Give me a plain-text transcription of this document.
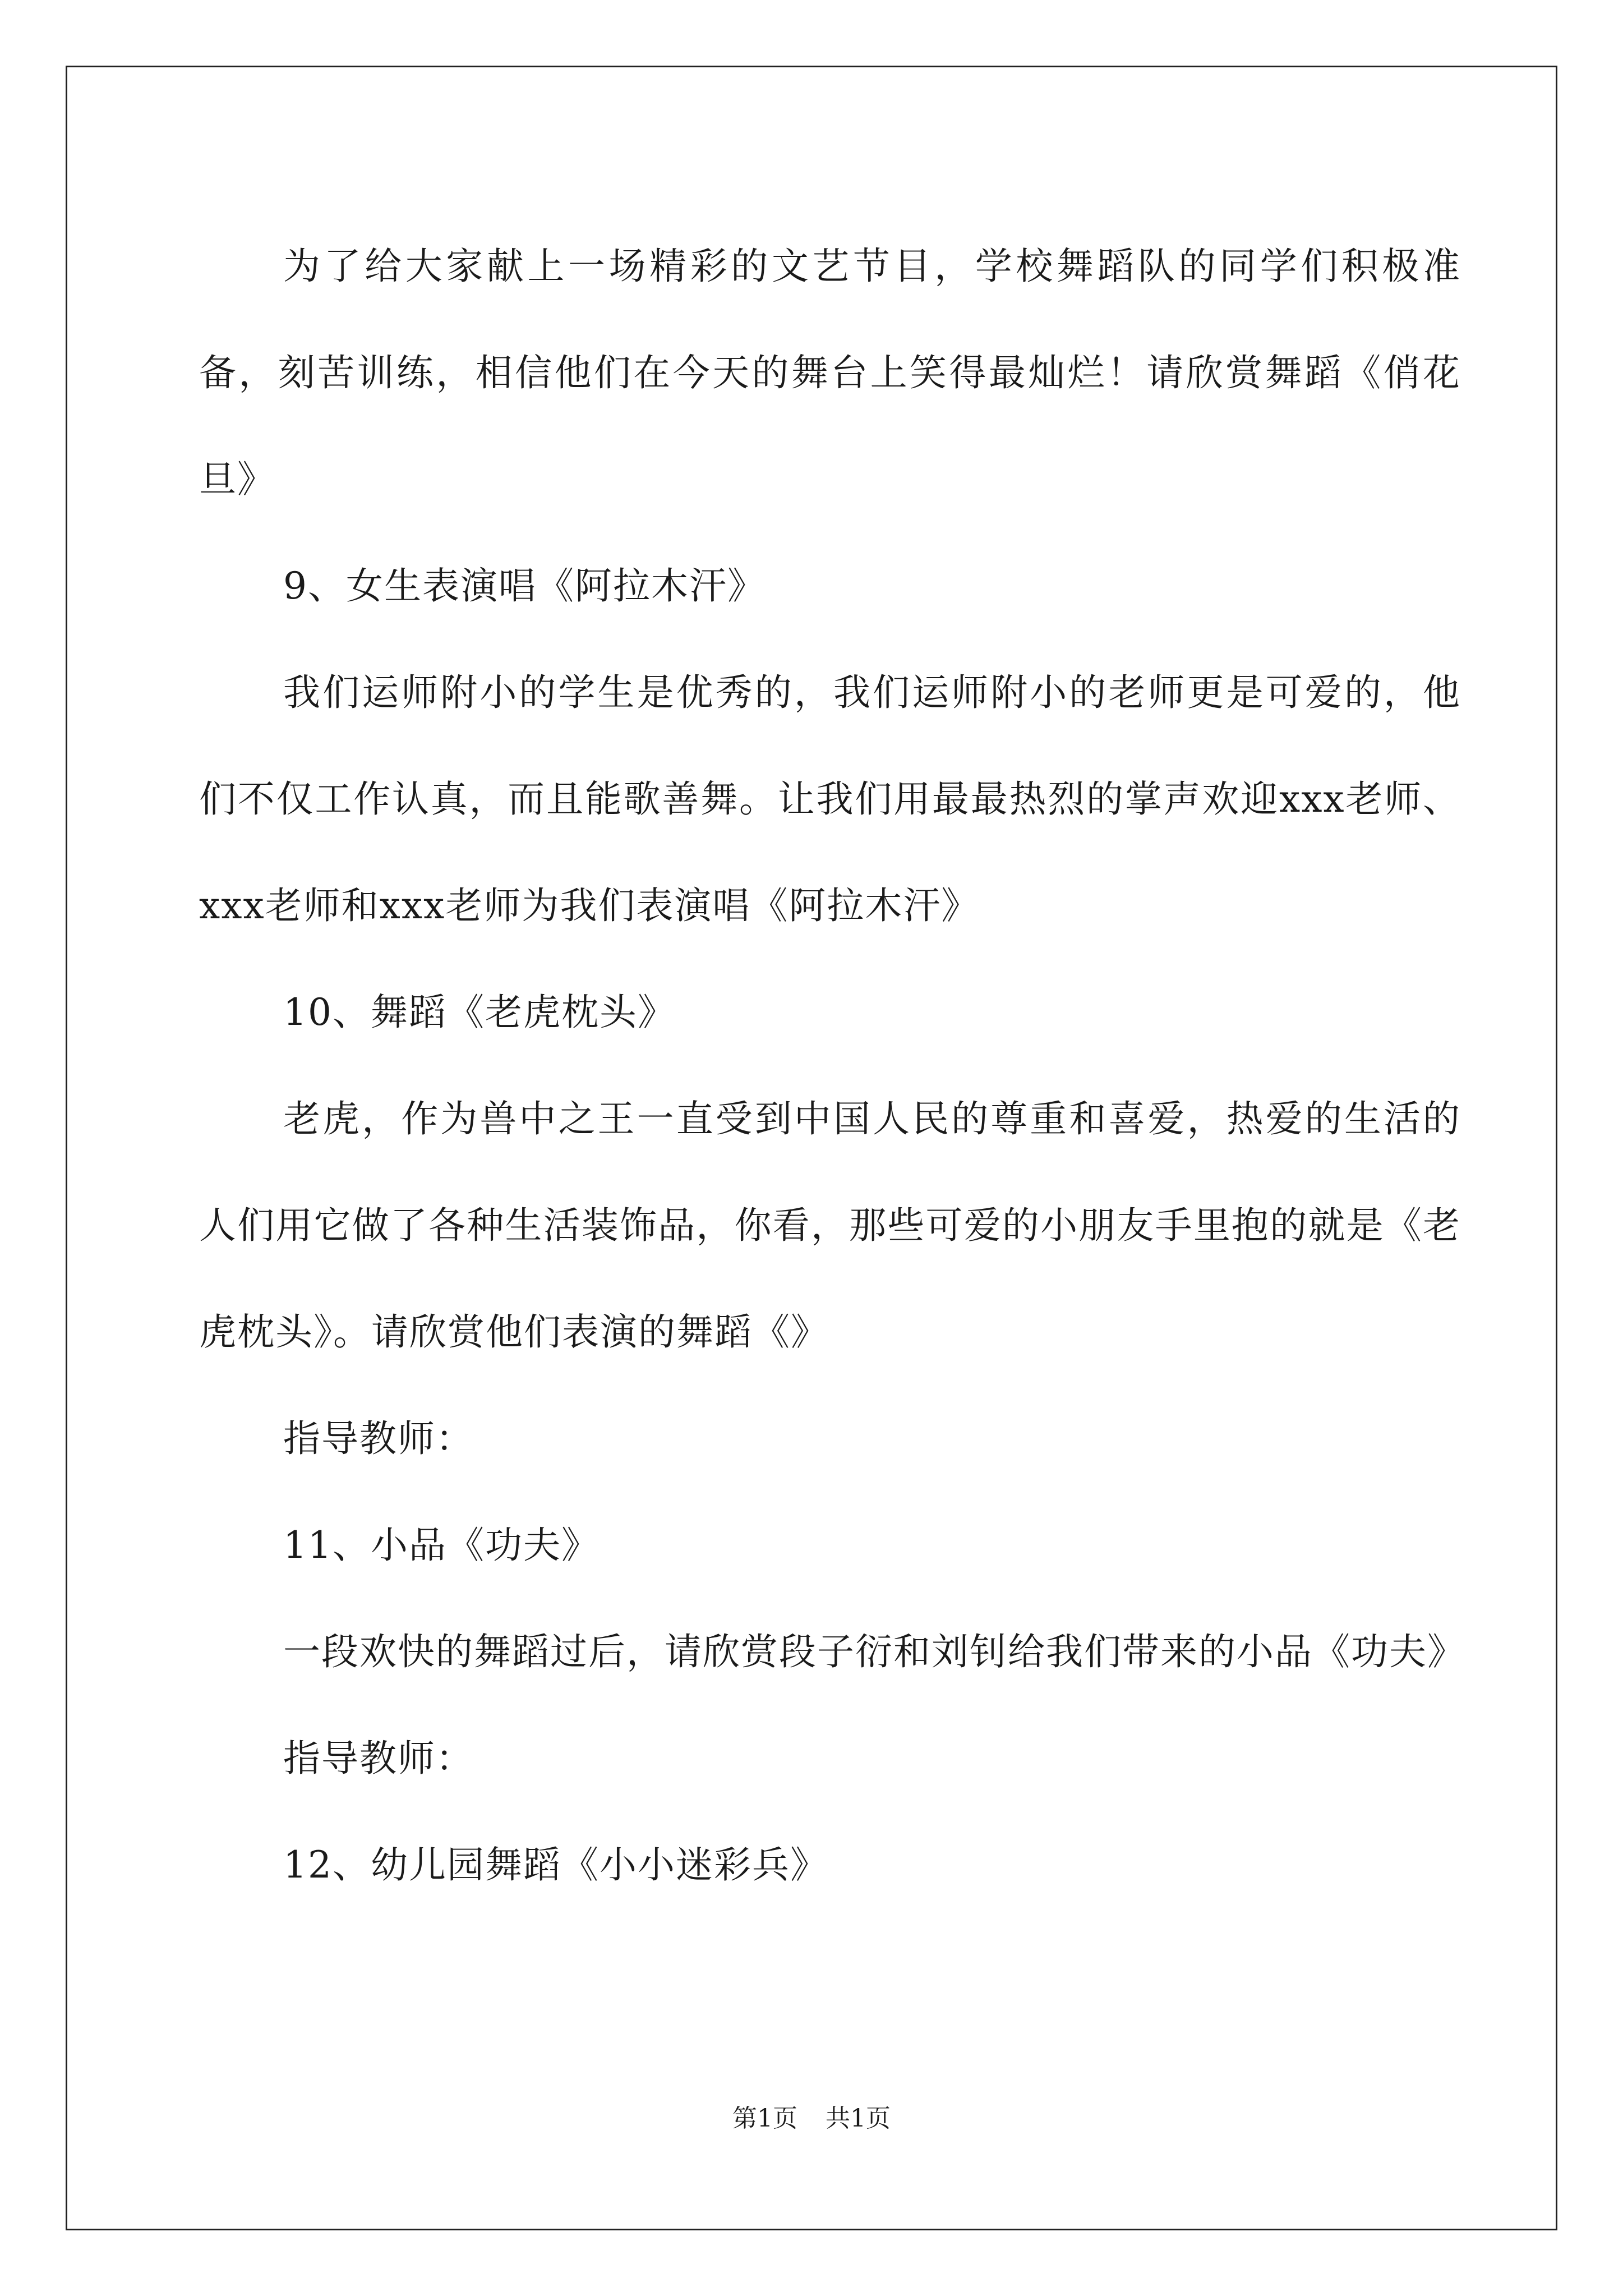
为了给大家献上一场精彩的文艺节目，学校舞蹈队的同学们积极准备，刻苦训练，相信他们在今天的舞台上笑得最灿烂！请欣赏舞蹈《俏花旦》

9、女生表演唱《阿拉木汗》

我们运师附小的学生是优秀的，我们运师附小的老师更是可爱的，他们不仅工作认真，而且能歌善舞。让我们用最最热烈的掌声欢迎xxx老师、xxx老师和xxx老师为我们表演唱《阿拉木汗》

10、舞蹈《老虎枕头》

老虎，作为兽中之王一直受到中国人民的尊重和喜爱，热爱的生活的人们用它做了各种生活装饰品，你看，那些可爱的小朋友手里抱的就是《老虎枕头》。请欣赏他们表演的舞蹈《》

指导教师：

11、小品《功夫》

一段欢快的舞蹈过后，请欣赏段子衍和刘钊给我们带来的小品《功夫》

指导教师：

12、幼儿园舞蹈《小小迷彩兵》

第1页 共1页
